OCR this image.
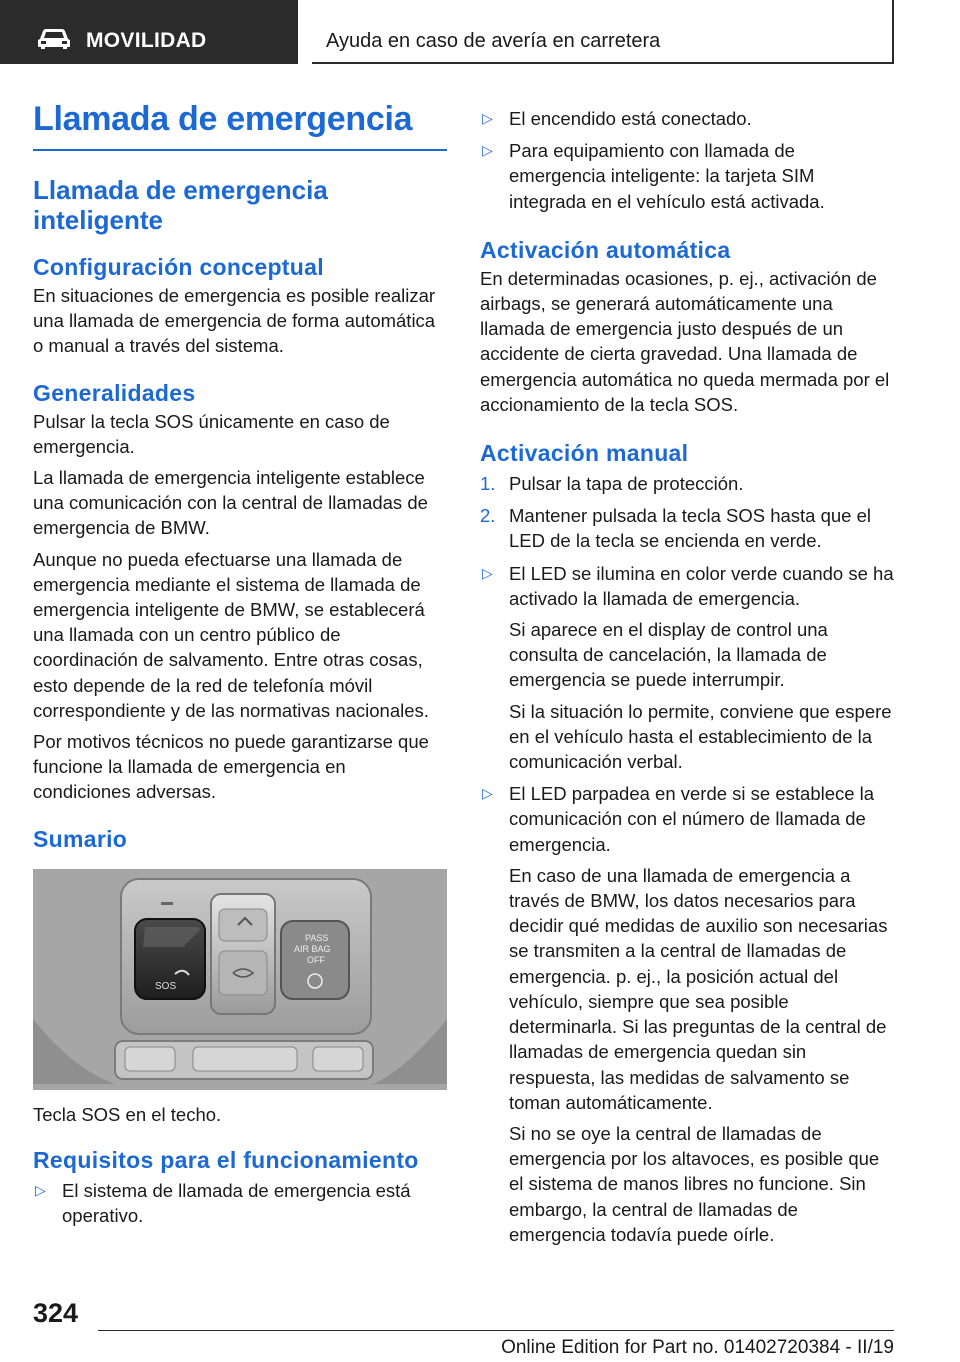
MOVILIDAD	Ayuda en caso de avería en carretera
Llamada de emergencia
Llamada de emergencia inteligente
Configuración conceptual

En situaciones de emergencia es posible realizar una llamada de emergencia de forma automática o manual a través del sistema.

Generalidades

Pulsar la tecla SOS únicamente en caso de emergencia.

La llamada de emergencia inteligente establece una comunicación con la central de llamadas de emergencia de BMW.

Aunque no pueda efectuarse una llamada de emergencia mediante el sistema de llamada de emergencia inteligente de BMW, se establecerá una llamada con un centro público de coordinación de salvamento. Entre otras cosas, esto depende de la red de telefonía móvil correspondiente y de las normativas nacionales.

Por motivos técnicos no puede garantizarse que funcione la llamada de emergencia en condiciones adversas.

Sumario
SOS
PASS
AIR BAG
OFF
Tecla SOS en el techo.
Requisitos para el funcionamiento
▷ El sistema de llamada de emergencia está operativo.
▷ El encendido está conectado.
▷ Para equipamiento con llamada de emergencia inteligente: la tarjeta SIM integrada en el vehículo está activada.
Activación automática

En determinadas ocasiones, p. ej., activación de airbags, se generará automáticamente una llamada de emergencia justo después de un accidente de cierta gravedad. Una llamada de emergencia automática no queda mermada por el accionamiento de la tecla SOS.

Activación manual
1. Pulsar la tapa de protección.
2. Mantener pulsada la tecla SOS hasta que el LED de la tecla se encienda en verde.
▷ El LED se ilumina en color verde cuando se ha activado la llamada de emergencia.

Si aparece en el display de control una consulta de cancelación, la llamada de emergencia se puede interrumpir.

Si la situación lo permite, conviene que espere en el vehículo hasta el establecimiento de la comunicación verbal.

▷ El LED parpadea en verde si se establece la comunicación con el número de llamada de emergencia.

En caso de una llamada de emergencia a través de BMW, los datos necesarios para decidir qué medidas de auxilio son necesarias se transmiten a la central de llamadas de emergencia. p. ej., la posición actual del vehículo, siempre que sea posible determinarla. Si las preguntas de la central de llamadas de emergencia quedan sin respuesta, las medidas de salvamento se toman automáticamente.

Si no se oye la central de llamadas de emergencia por los altavoces, es posible que el sistema de manos libres no funcione. Sin embargo, la central de llamadas de emergencia todavía puede oírle.

324
Online Edition for Part no. 01402720384 - II/19
